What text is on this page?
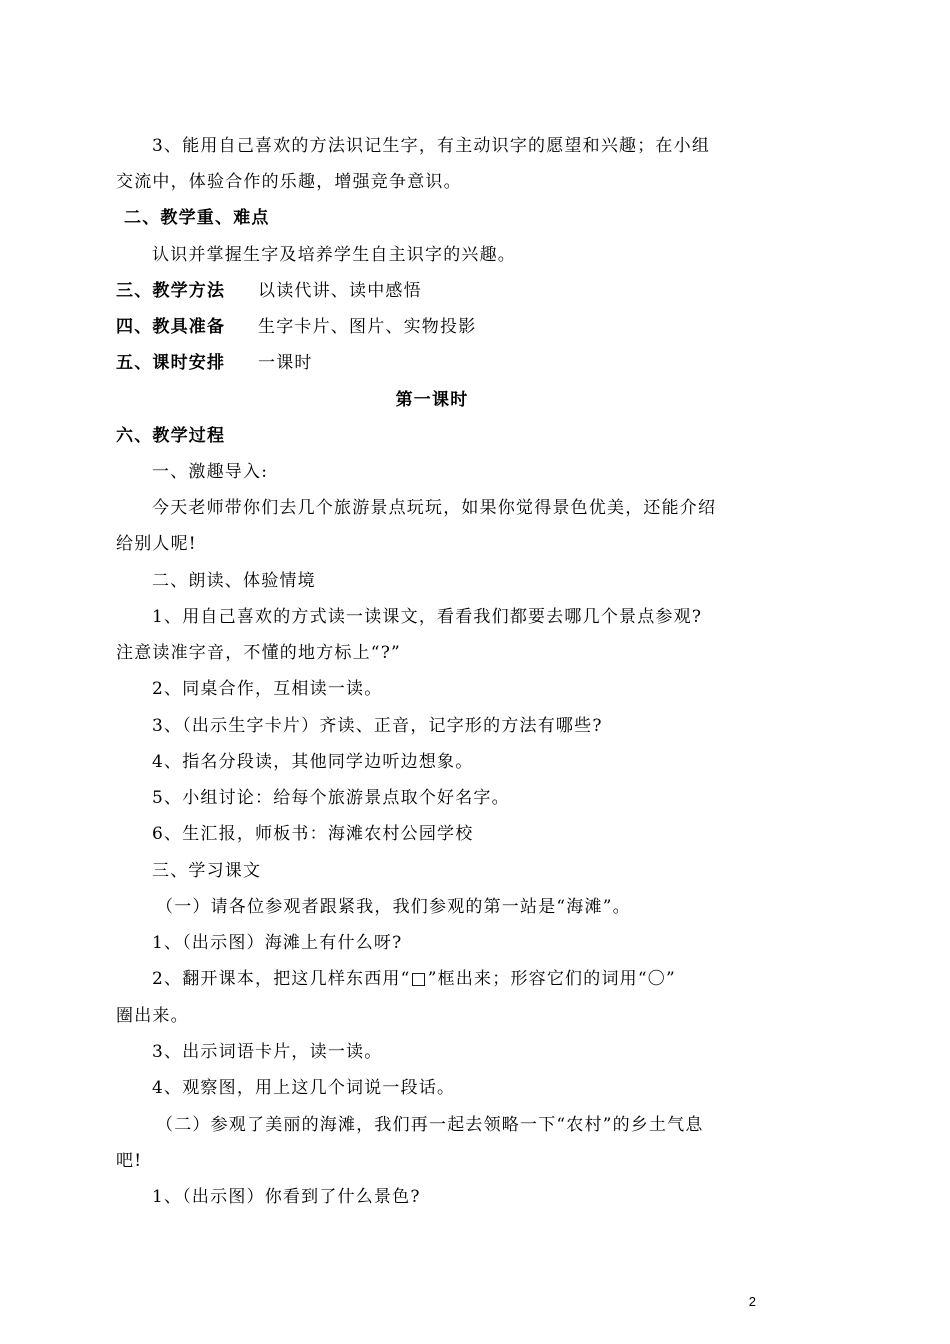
3、能用自己喜欢的方法识记生字，有主动识字的愿望和兴趣；在小组
交流中，体验合作的乐趣，增强竞争意识。
二、教学重、难点
认识并掌握生字及培养学生自主识字的兴趣。
三、教学方法 以读代讲、读中感悟
四、教具准备 生字卡片、图片、实物投影
五、课时安排 一课时
第一课时
六、教学过程
一、激趣导入:
今天老师带你们去几个旅游景点玩玩，如果你觉得景色优美，还能介绍
给别人呢!
二、朗读、体验情境
1、用自己喜欢的方式读一读课文，看看我们都要去哪几个景点参观?
注意读准字音，不懂的地方标上“?”
2、同桌合作，互相读一读。
3、（出示生字卡片）齐读、正音，记字形的方法有哪些?
4、指名分段读，其他同学边听边想象。
5、小组讨论：给每个旅游景点取个好名字。
6、生汇报，师板书：海滩农村公园学校
三、学习课文
（一）请各位参观者跟紧我，我们参观的第一站是“海滩”。
1、（出示图）海滩上有什么呀?
2、翻开课本，把这几样东西用“□”框出来；形容它们的词用“〇”
圈出来。
3、出示词语卡片，读一读。
4、观察图，用上这几个词说一段话。
（二）参观了美丽的海滩，我们再一起去领略一下“农村”的乡土气息
吧!
1、（出示图）你看到了什么景色?
2
